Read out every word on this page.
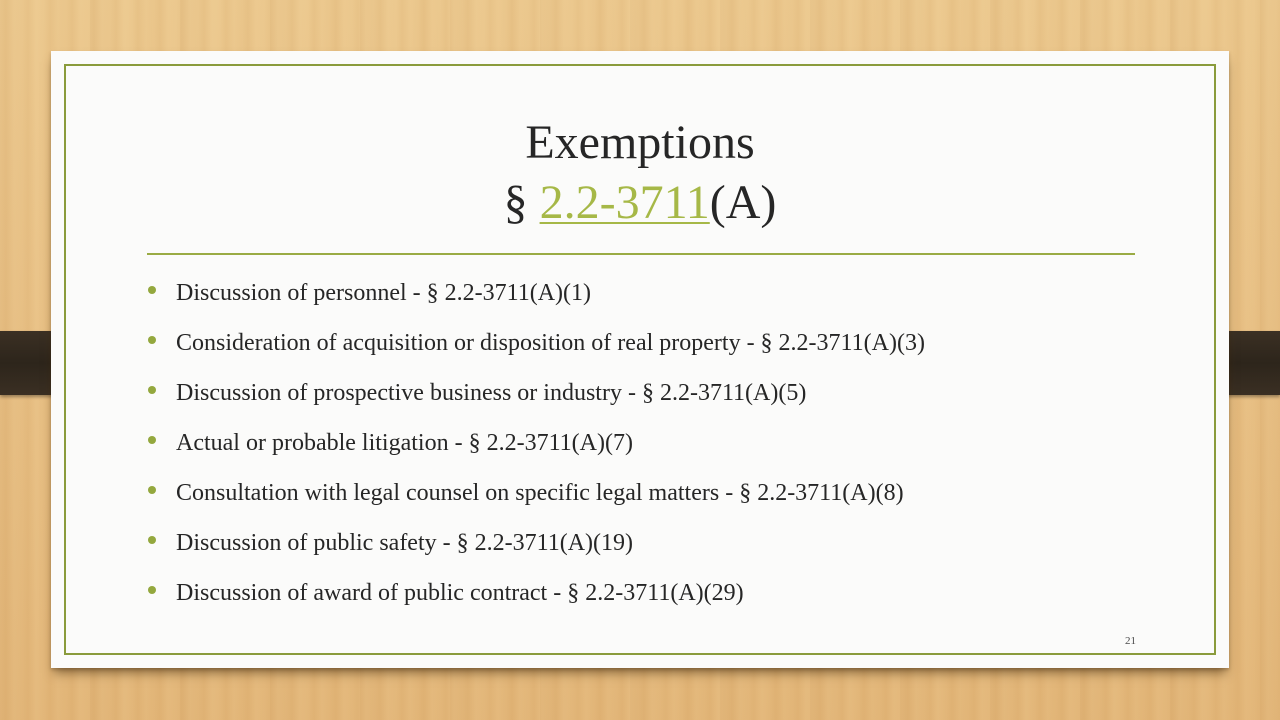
Exemptions
§ 2.2-3711(A)
Discussion of personnel - § 2.2-3711(A)(1)
Consideration of acquisition or disposition of real property - § 2.2-3711(A)(3)
Discussion of prospective business or industry - § 2.2-3711(A)(5)
Actual or probable litigation - § 2.2-3711(A)(7)
Consultation with legal counsel on specific legal matters - § 2.2-3711(A)(8)
Discussion of public safety - § 2.2-3711(A)(19)
Discussion of award of public contract - § 2.2-3711(A)(29)
21
